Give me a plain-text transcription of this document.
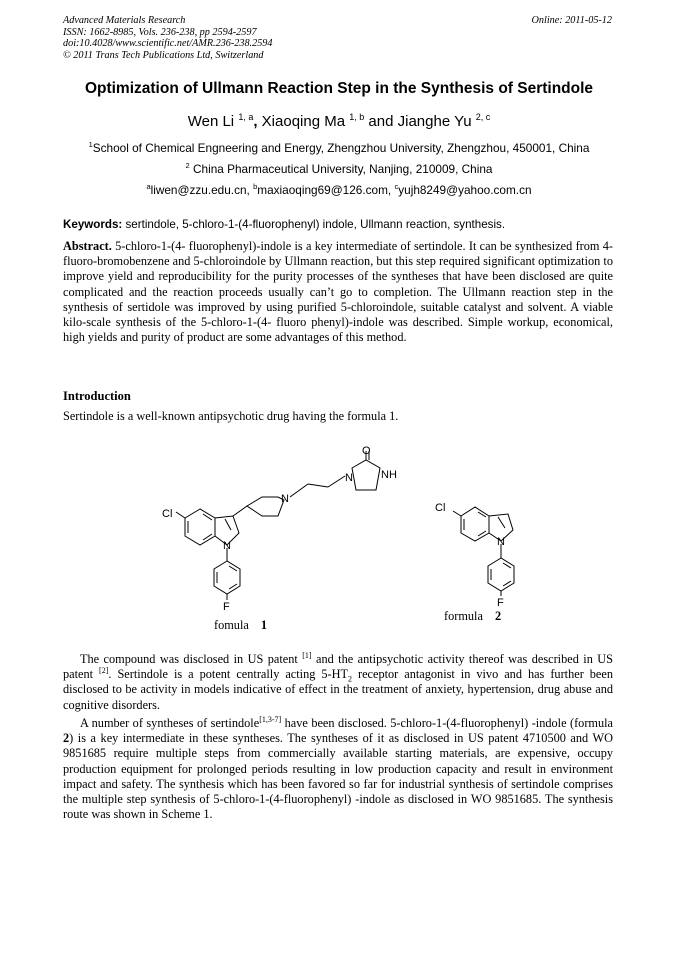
Advanced Materials Research
ISSN: 1662-8985, Vols. 236-238, pp 2594-2597
doi:10.4028/www.scientific.net/AMR.236-238.2594
© 2011 Trans Tech Publications Ltd, Switzerland
Online: 2011-05-12
Optimization of Ullmann Reaction Step in the Synthesis of Sertindole
Wen Li $^{1, a}$, Xiaoqing Ma $^{1, b}$ and Jianghe Yu $^{2, c}$
$^1$School of Chemical Engneering and Energy, Zhengzhou University, Zhengzhou, 450001, China
$^2$ China Pharmaceutical University, Nanjing, 210009, China
$^a$liwen@zzu.edu.cn, $^b$maxiaoqing69@126.com, $^c$yujh8249@yahoo.com.cn
Keywords: sertindole, 5-chloro-1-(4-fluorophenyl) indole, Ullmann reaction, synthesis.
Abstract. 5-chloro-1-(4- fluorophenyl)-indole is a key intermediate of sertindole. It can be synthesized from 4-fluoro-bromobenzene and 5-chloroindole by Ullmann reaction, but this step required significant optimization to improve yield and reproducibility for the purity processes of the syntheses that have been disclosed are quite complicated and the reaction proceeds usually can’t go to completion. The Ullmann reaction step in the synthesis of sertidole was improved by using purified 5-chloroindole, suitable catalyst and solvent. A viable kilo-scale synthesis of the 5-chloro-1-(4- fluoro phenyl)-indole was described. Simple workup, economical, high yields and purity of product are some advantages of this method.
Introduction
Sertindole is a well-known antipsychotic drug having the formula 1.
O
N	NH
N
Cl
N
F
Cl
N
F
fomula 1
formula 2
The compound was disclosed in US patent [1] and the antipsychotic activity thereof was described in US patent [2]. Sertindole is a potent centrally acting $5-HT_2$ receptor antagonist in vivo and has further been disclosed to be activity in models indicative of effect in the treatment of anxiety, hypertension, drug abuse and cognitive disorders.
A number of syntheses of sertindole[1,3-7] have been disclosed. 5-chloro-1-(4-fluorophenyl) -indole (formula 2) is a key intermediate in these syntheses. The syntheses of it as disclosed in US patent 4710500 and WO 9851685 require multiple steps from commercially available starting materials, are expensive, occupy production equipment for prolonged periods resulting in low production capacity and result in environment impact and safety. The synthesis which has been favored so far for industrial synthesis of sertindole comprises the multiple step synthesis of 5-chloro-1-(4-fluorophenyl) -indole as disclosed in WO 9851685. The synthesis route was shown in Scheme 1.
